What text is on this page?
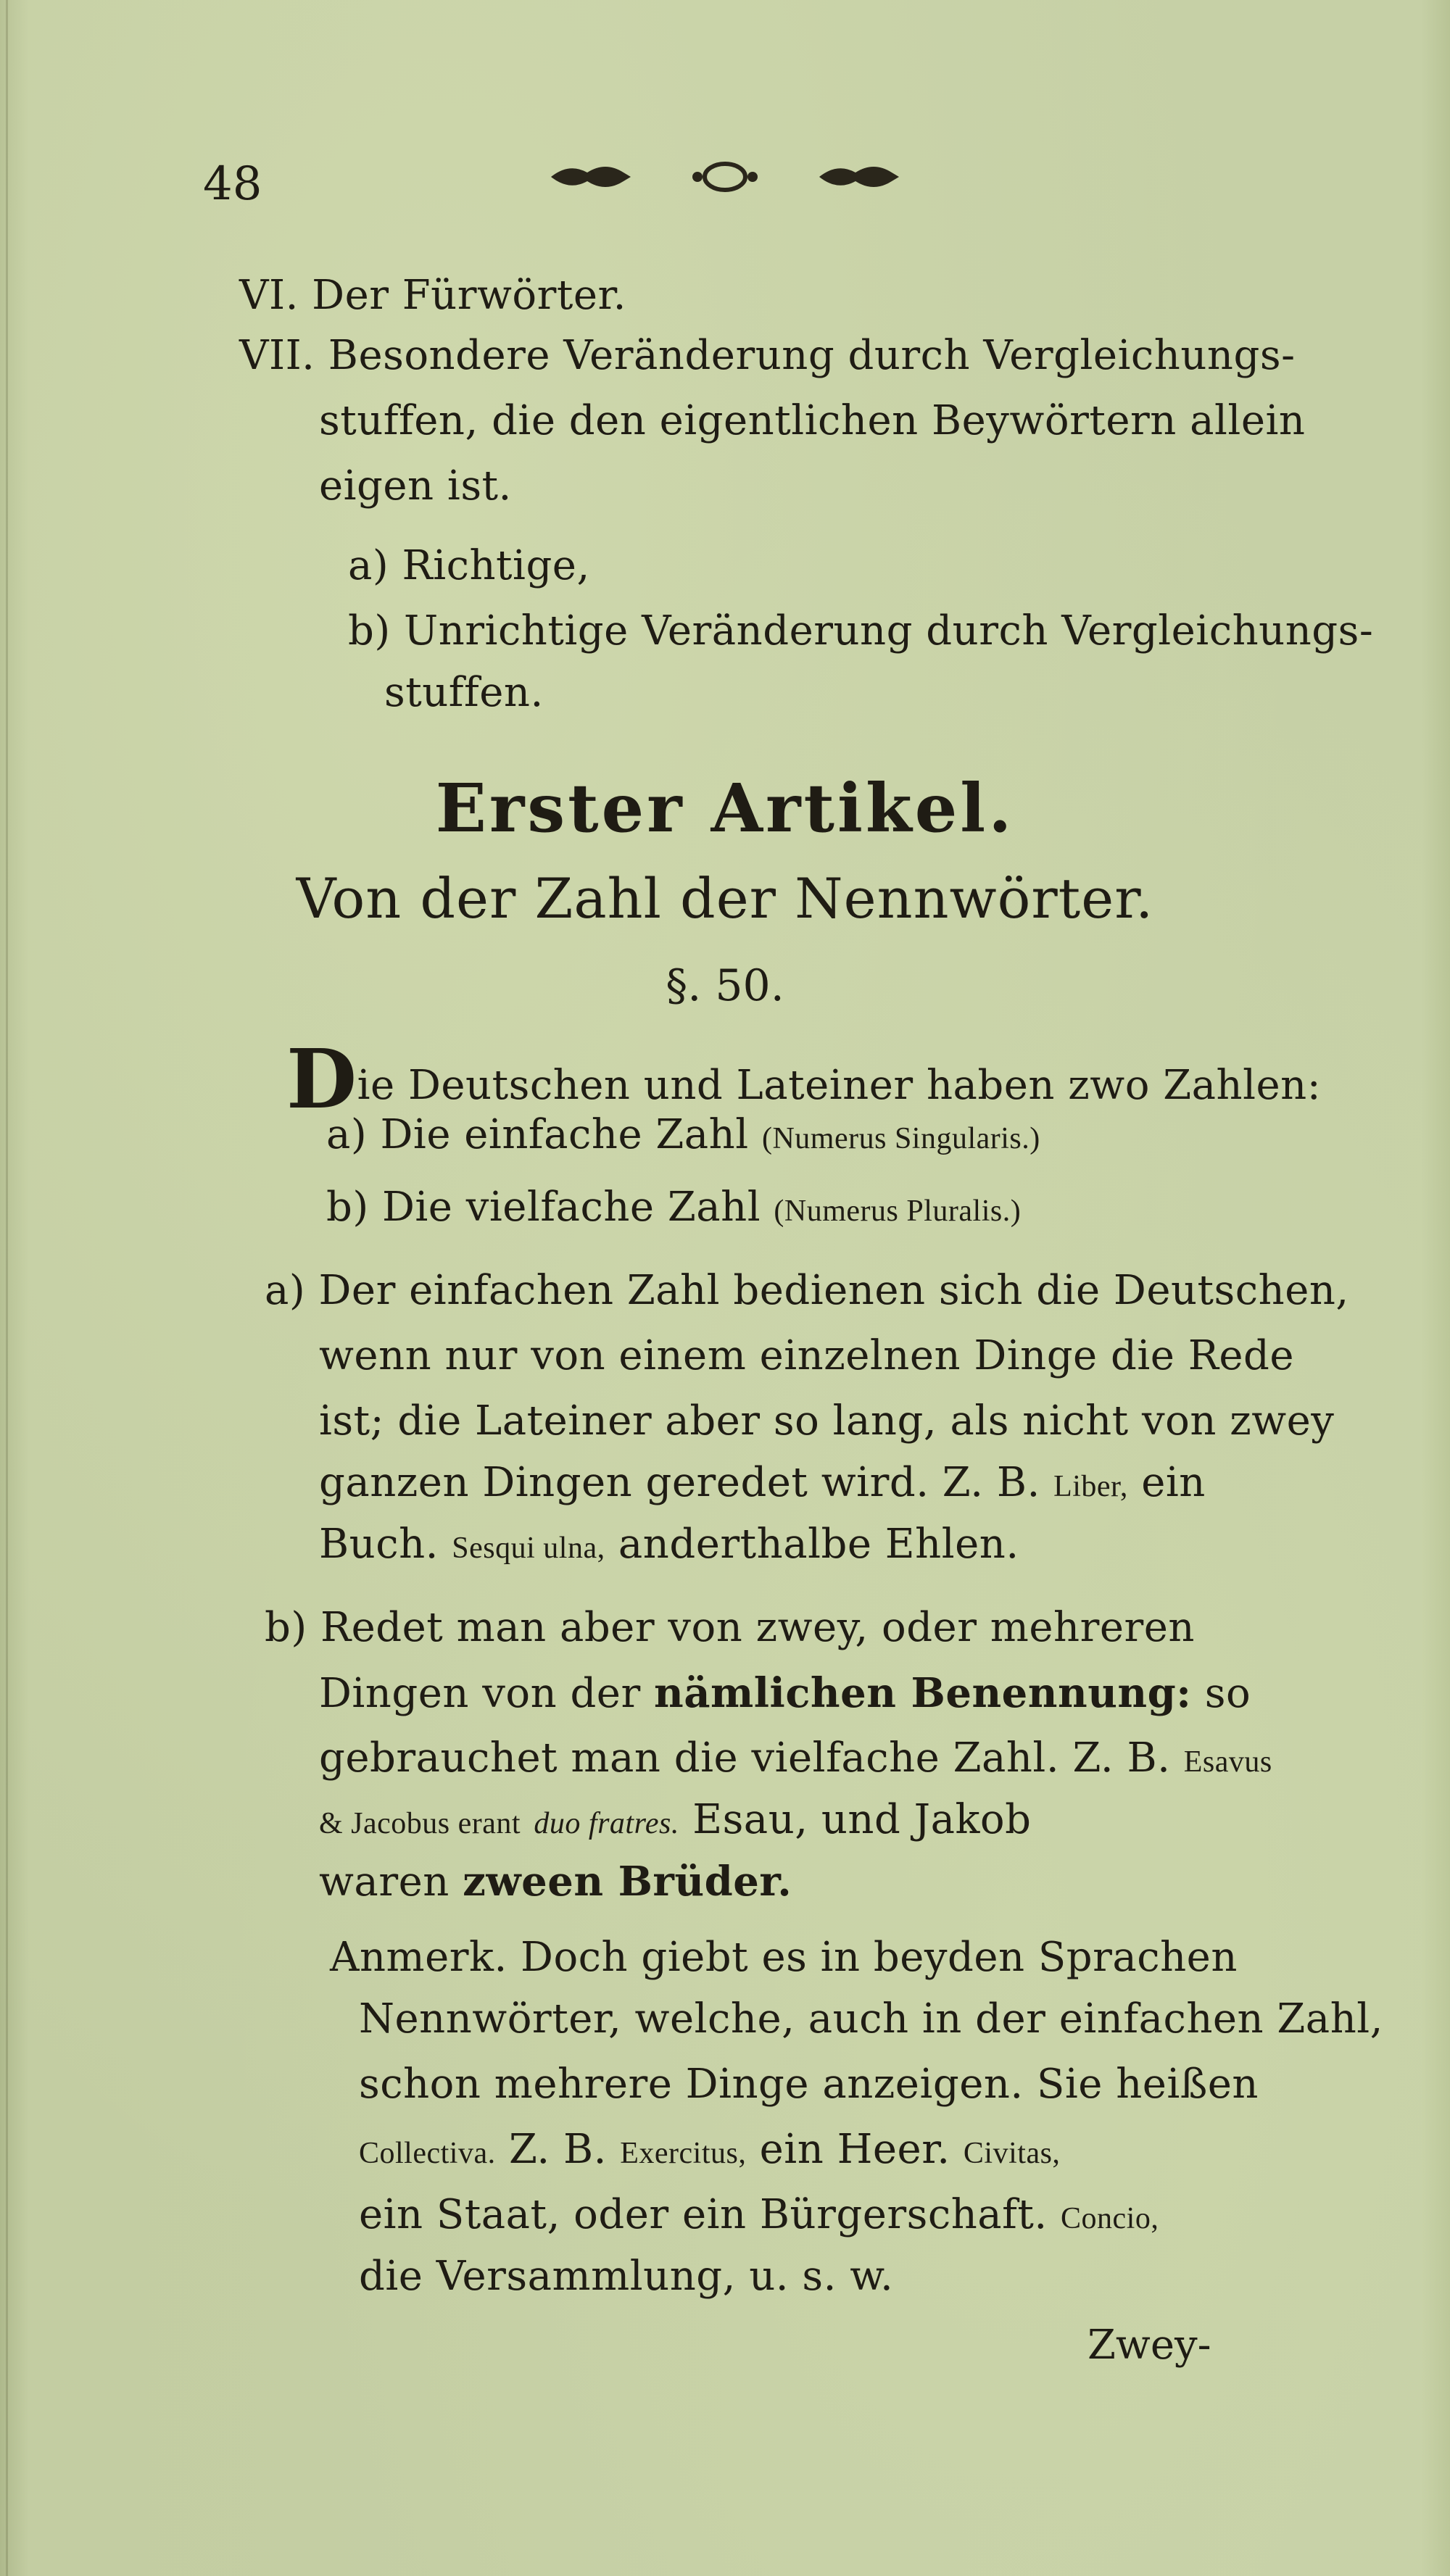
48
VI. Der Fürwörter.
VII. Besondere Veränderung durch Vergleichungs-
stuffen, die den eigentlichen Beywörtern allein
eigen ist.
a) Richtige,
b) Unrichtige Veränderung durch Vergleichungs-
stuffen.
Erster Artikel.
Von der Zahl der Nennwörter.
§. 50.
Die Deutschen und Lateiner haben zwo Zahlen:
a) Die einfache Zahl (Numerus Singularis.)
b) Die vielfache Zahl (Numerus Pluralis.)
a) Der einfachen Zahl bedienen sich die Deutschen,
wenn nur von einem einzelnen Dinge die Rede
ist; die Lateiner aber so lang, als nicht von zwey
ganzen Dingen geredet wird. Z. B. Liber, ein
Buch. Sesqui ulna, anderthalbe Ehlen.
b) Redet man aber von zwey, oder mehreren
Dingen von der nämlichen Benennung: so
gebrauchet man die vielfache Zahl. Z. B. Esavus
& Jacobus erant duo fratres. Esau, und Jakob
waren zween Brüder.
Anmerk. Doch giebt es in beyden Sprachen
Nennwörter, welche, auch in der einfachen Zahl,
schon mehrere Dinge anzeigen. Sie heißen
Collectiva. Z. B. Exercitus, ein Heer. Civitas,
ein Staat, oder ein Bürgerschaft. Concio,
die Versammlung, u. s. w.
Zwey-
